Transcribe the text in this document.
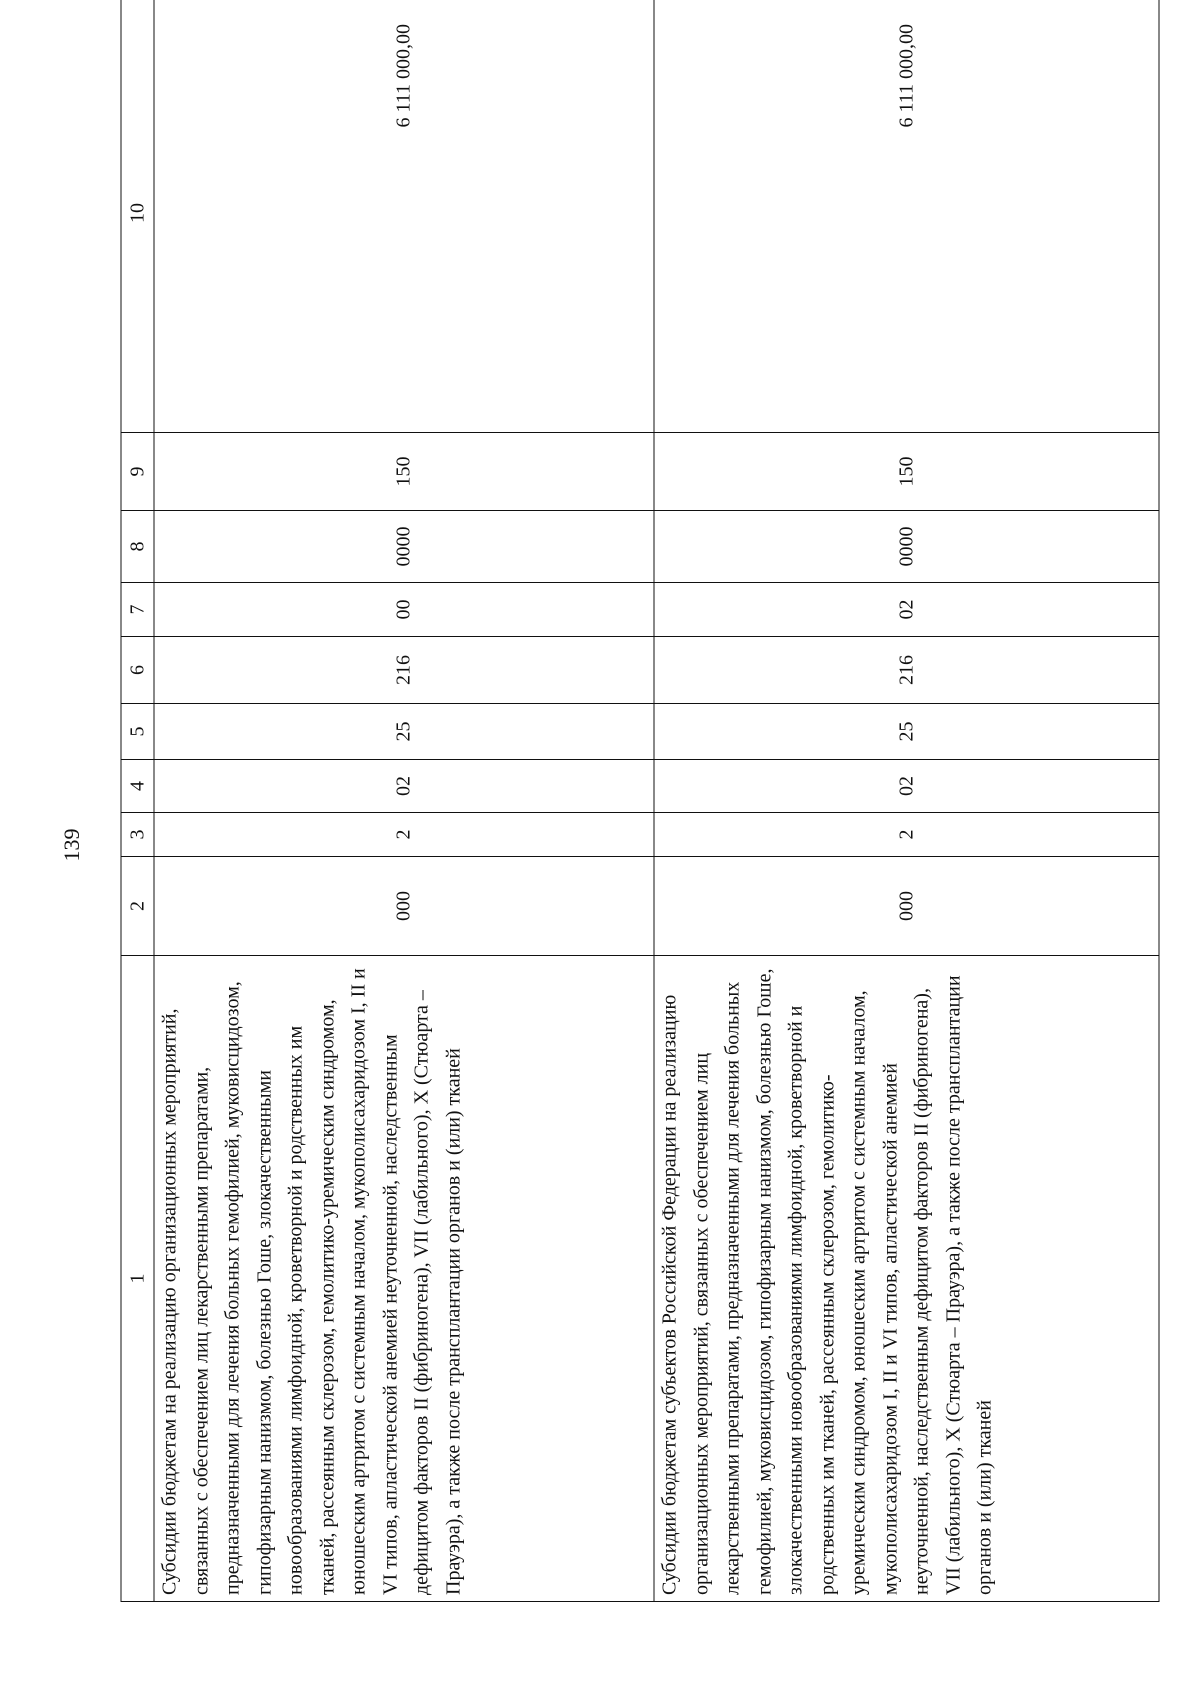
139
1	2	3	4	5	6	7	8	9	10
Субсидии бюджетам на реализацию организационных мероприятий, связанных с обеспечением лиц лекарственными препаратами, предназначенными для лечения больных гемофилией, муковисцидозом, гипофизарным нанизмом, болезнью Гоше, злокачественными новообразованиями лимфоидной, кроветворной и родственных им тканей, рассеянным склерозом, гемолитико-уремическим синдромом, юношеским артритом с системным началом, мукополисахаридозом I, II и VI типов, апластической анемией неуточненной, наследственным дефицитом факторов II (фибриногена), VII (лабильного), X (Стюарта – Прауэра), а также после трансплантации органов и (или) тканей	000	2	02	25	216	00	0000	150	6 111 000,00
Субсидии бюджетам субъектов Российской Федерации на реализацию организационных мероприятий, связанных с обеспечением лиц лекарственными препаратами, предназначенными для лечения больных гемофилией, муковисцидозом, гипофизарным нанизмом, болезнью Гоше, злокачественными новообразованиями лимфоидной, кроветворной и родственных им тканей, рассеянным склерозом, гемолитико-уремическим синдромом, юношеским артритом с системным началом, мукополисахаридозом I, II и VI типов, апластической анемией неуточненной, наследственным дефицитом факторов II (фибриногена), VII (лабильного), X (Стюарта – Прауэра), а также после трансплантации органов и (или) тканей	000	2	02	25	216	02	0000	150	6 111 000,00
